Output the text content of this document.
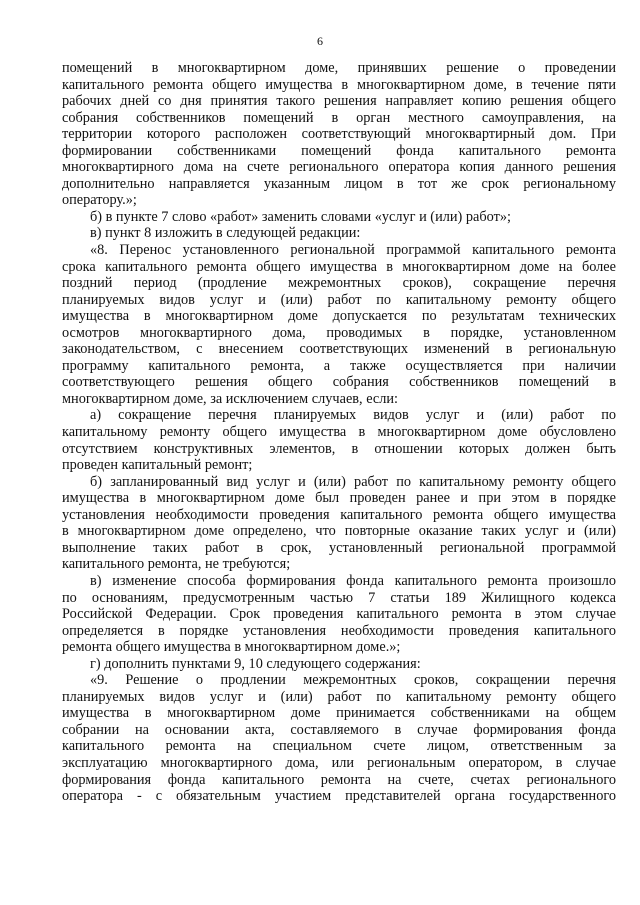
6

помещений в многоквартирном доме, принявших решение о проведении

капитального ремонта общего имущества в многоквартирном доме, в течение пяти

рабочих дней со дня принятия такого решения направляет копию решения общего

собрания собственников помещений в орган местного самоуправления, на

территории которого расположен соответствующий многоквартирный дом. При

формировании собственниками помещений фонда капитального ремонта

многоквартирного дома на счете регионального оператора копия данного решения

дополнительно направляется указанным лицом в тот же срок региональному

оператору.»;

б) в пункте 7 слово «работ» заменить словами «услуг и (или) работ»;

в) пункт 8 изложить в следующей редакции:

«8. Перенос установленного региональной программой капитального ремонта

срока капитального ремонта общего имущества в многоквартирном доме на более

поздний период (продление межремонтных сроков), сокращение перечня

планируемых видов услуг и (или) работ по капитальному ремонту общего

имущества в многоквартирном доме допускается по результатам технических

осмотров многоквартирного дома, проводимых в порядке, установленном

законодательством, с внесением соответствующих изменений в региональную

программу капитального ремонта, а также осуществляется при наличии

соответствующего решения общего собрания собственников помещений в

многоквартирном доме, за исключением случаев, если:

а) сокращение перечня планируемых видов услуг и (или) работ по

капитальному ремонту общего имущества в многоквартирном доме обусловлено

отсутствием конструктивных элементов, в отношении которых должен быть

проведен капитальный ремонт;

б) запланированный вид услуг и (или) работ по капитальному ремонту общего

имущества в многоквартирном доме был проведен ранее и при этом в порядке

установления необходимости проведения капитального ремонта общего имущества

в многоквартирном доме определено, что повторные оказание таких услуг и (или)

выполнение таких работ в срок, установленный региональной программой

капитального ремонта, не требуются;

в) изменение способа формирования фонда капитального ремонта произошло

по основаниям, предусмотренным частью 7 статьи 189 Жилищного кодекса

Российской Федерации. Срок проведения капитального ремонта в этом случае

определяется в порядке установления необходимости проведения капитального

ремонта общего имущества в многоквартирном доме.»;

г) дополнить пунктами 9, 10 следующего содержания:

«9. Решение о продлении межремонтных сроков, сокращении перечня

планируемых видов услуг и (или) работ по капитальному ремонту общего

имущества в многоквартирном доме принимается собственниками на общем

собрании на основании акта, составляемого в случае формирования фонда

капитального ремонта на специальном счете лицом, ответственным за

эксплуатацию многоквартирного дома, или региональным оператором, в случае

формирования фонда капитального ремонта на счете, счетах регионального

оператора - с обязательным участием представителей органа государственного
